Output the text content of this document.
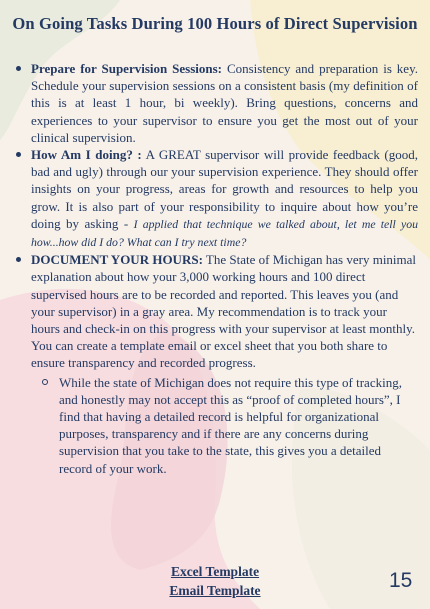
On Going Tasks During 100 Hours of Direct Supervision
Prepare for Supervision Sessions: Consistency and preparation is key. Schedule your supervision sessions on a consistent basis (my definition of this is at least 1 hour, bi weekly). Bring questions, concerns and experiences to your supervisor to ensure you get the most out of your clinical supervision.
How Am I doing? : A GREAT supervisor will provide feedback (good, bad and ugly) through our your supervision experience. They should offer insights on your progress, areas for growth and resources to help you grow. It is also part of your responsibility to inquire about how you’re doing by asking - I applied that technique we talked about, let me tell you how...how did I do? What can I try next time?
DOCUMENT YOUR HOURS: The State of Michigan has very minimal explanation about how your 3,000 working hours and 100 direct supervised hours are to be recorded and reported. This leaves you (and your supervisor) in a gray area. My recommendation is to track your hours and check-in on this progress with your supervisor at least monthly. You can create a template email or excel sheet that you both share to ensure transparency and recorded progress.
While the state of Michigan does not require this type of tracking, and honestly may not accept this as “proof of completed hours”, I find that having a detailed record is helpful for organizational purposes, transparency and if there are any concerns during supervision that you take to the state, this gives you a detailed record of your work.
Excel Template
Email Template	15
